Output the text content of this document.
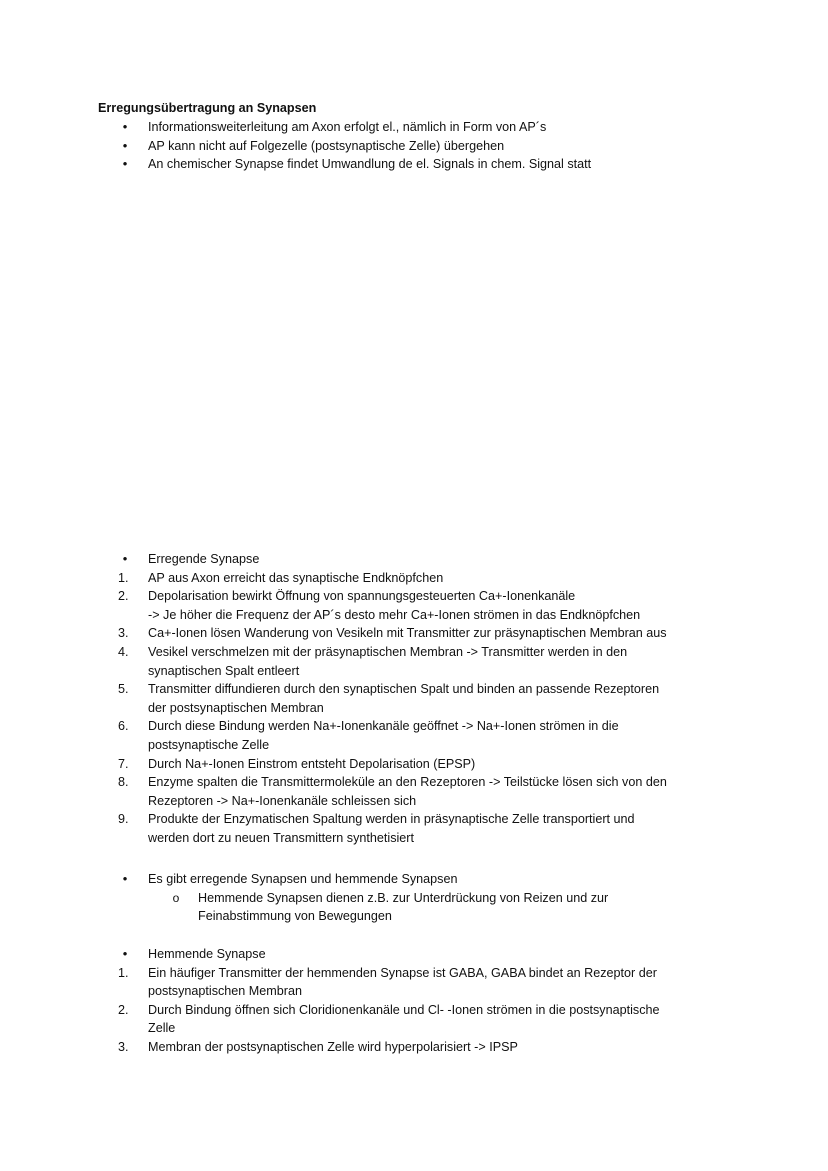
Erregungsübertragung an Synapsen
• Informationsweiterleitung am Axon erfolgt el., nämlich in Form von AP´s
• AP kann nicht auf Folgezelle (postsynaptische Zelle) übergehen
• An chemischer Synapse findet Umwandlung de el. Signals in chem. Signal statt
• Erregende Synapse
1.	AP aus Axon erreicht das synaptische Endknöpfchen
2.	Depolarisation bewirkt Öffnung von spannungsgesteuerten Ca+-Ionenkanäle
-> Je höher die Frequenz der AP´s desto mehr Ca+-Ionen strömen in das Endknöpfchen
3.	Ca+-Ionen lösen Wanderung von Vesikeln mit Transmitter zur präsynaptischen Membran aus
4.	Vesikel verschmelzen mit der präsynaptischen Membran -> Transmitter werden in den
synaptischen Spalt entleert
5.	Transmitter diffundieren durch den synaptischen Spalt und binden an passende Rezeptoren
der postsynaptischen Membran
6.	Durch diese Bindung werden Na+-Ionenkanäle geöffnet -> Na+-Ionen strömen in die
postsynaptische Zelle
7.	Durch Na+-Ionen Einstrom entsteht Depolarisation (EPSP)
8.	Enzyme spalten die Transmittermoleküle an den Rezeptoren -> Teilstücke lösen sich von den
Rezeptoren -> Na+-Ionenkanäle schleissen sich
9.	Produkte der Enzymatischen Spaltung werden in präsynaptische Zelle transportiert und
werden dort zu neuen Transmittern synthetisiert
• Es gibt erregende Synapsen und hemmende Synapsen
o Hemmende Synapsen dienen z.B. zur Unterdrückung von Reizen und zur
Feinabstimmung von Bewegungen
• Hemmende Synapse
1.	Ein häufiger Transmitter der hemmenden Synapse ist GABA, GABA bindet an Rezeptor der
postsynaptischen Membran
2.	Durch Bindung öffnen sich Cloridionenkanäle und Cl- -Ionen strömen in die postsynaptische
Zelle
3.	Membran der postsynaptischen Zelle wird hyperpolarisiert -> IPSP
